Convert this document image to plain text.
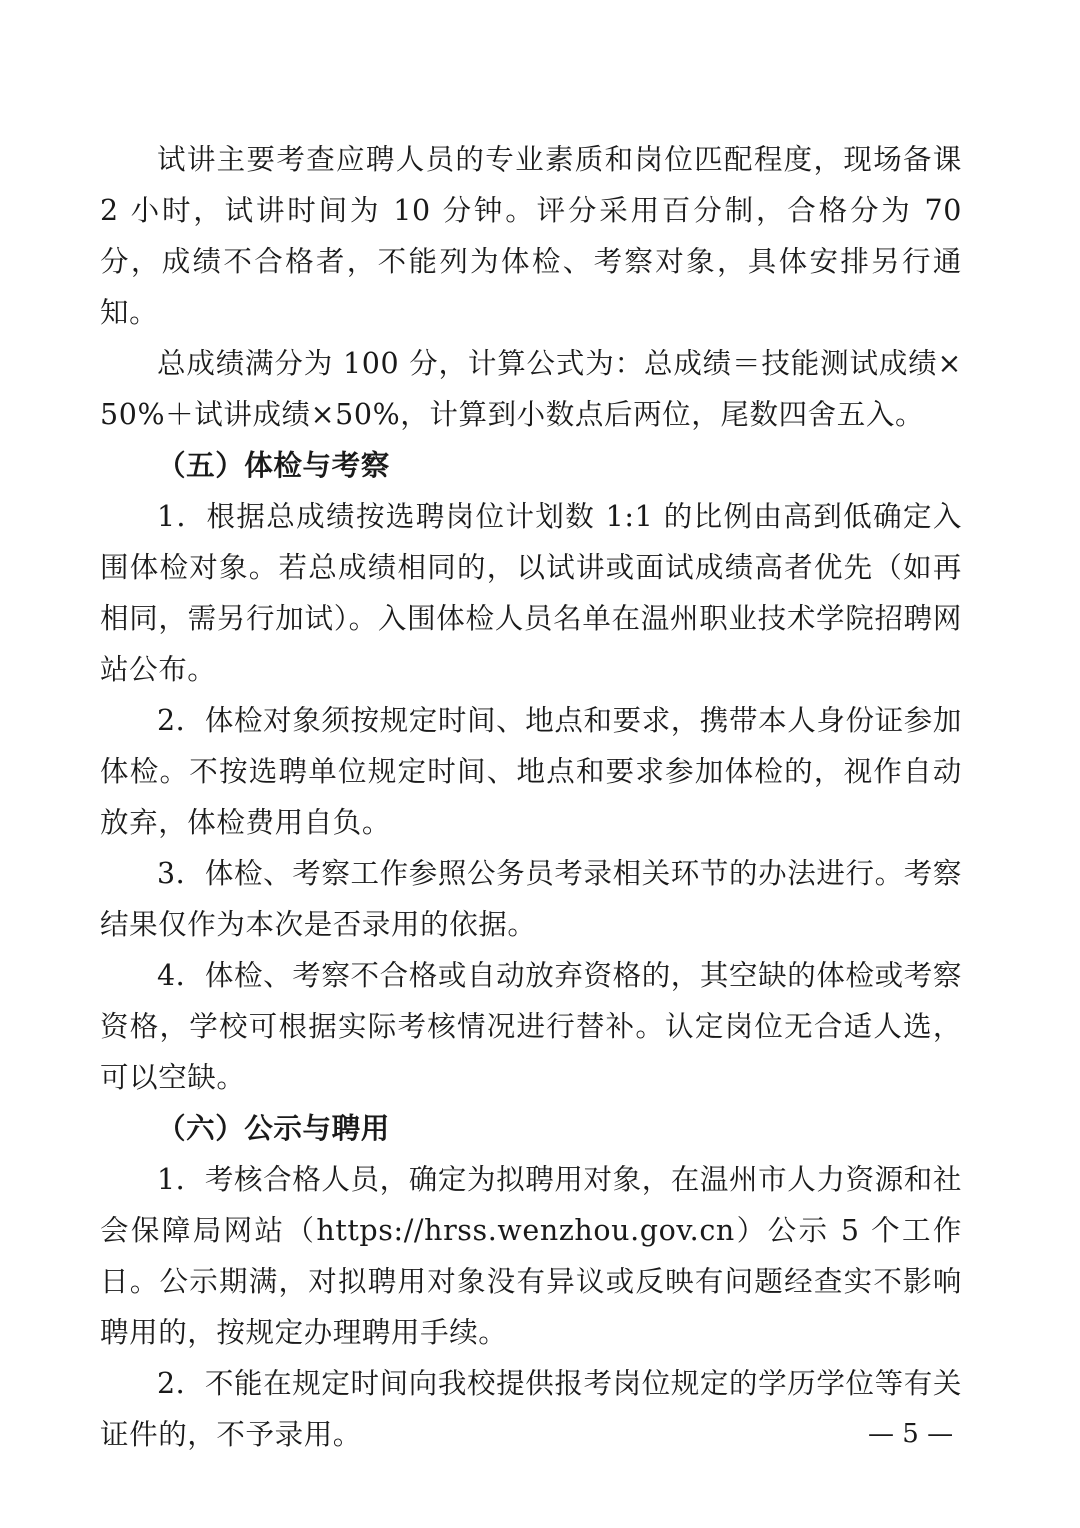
试讲主要考查应聘人员的专业素质和岗位匹配程度，现场备课 2 小时，试讲时间为 10 分钟。评分采用百分制，合格分为 70 分，成绩不合格者，不能列为体检、考察对象，具体安排另行通知。

总成绩满分为 100 分，计算公式为：总成绩＝技能测试成绩×50%＋试讲成绩×50%，计算到小数点后两位，尾数四舍五入。

（五）体检与考察

1．根据总成绩按选聘岗位计划数 1:1 的比例由高到低确定入围体检对象。若总成绩相同的，以试讲或面试成绩高者优先（如再相同，需另行加试）。入围体检人员名单在温州职业技术学院招聘网站公布。

2．体检对象须按规定时间、地点和要求，携带本人身份证参加体检。不按选聘单位规定时间、地点和要求参加体检的，视作自动放弃，体检费用自负。

3．体检、考察工作参照公务员考录相关环节的办法进行。考察结果仅作为本次是否录用的依据。

4．体检、考察不合格或自动放弃资格的，其空缺的体检或考察资格，学校可根据实际考核情况进行替补。认定岗位无合适人选，可以空缺。

（六）公示与聘用

1．考核合格人员，确定为拟聘用对象，在温州市人力资源和社会保障局网站（https://hrss.wenzhou.gov.cn）公示 5 个工作日。公示期满，对拟聘用对象没有异议或反映有问题经查实不影响聘用的，按规定办理聘用手续。

2．不能在规定时间向我校提供报考岗位规定的学历学位等有关证件的，不予录用。	— 5 —
